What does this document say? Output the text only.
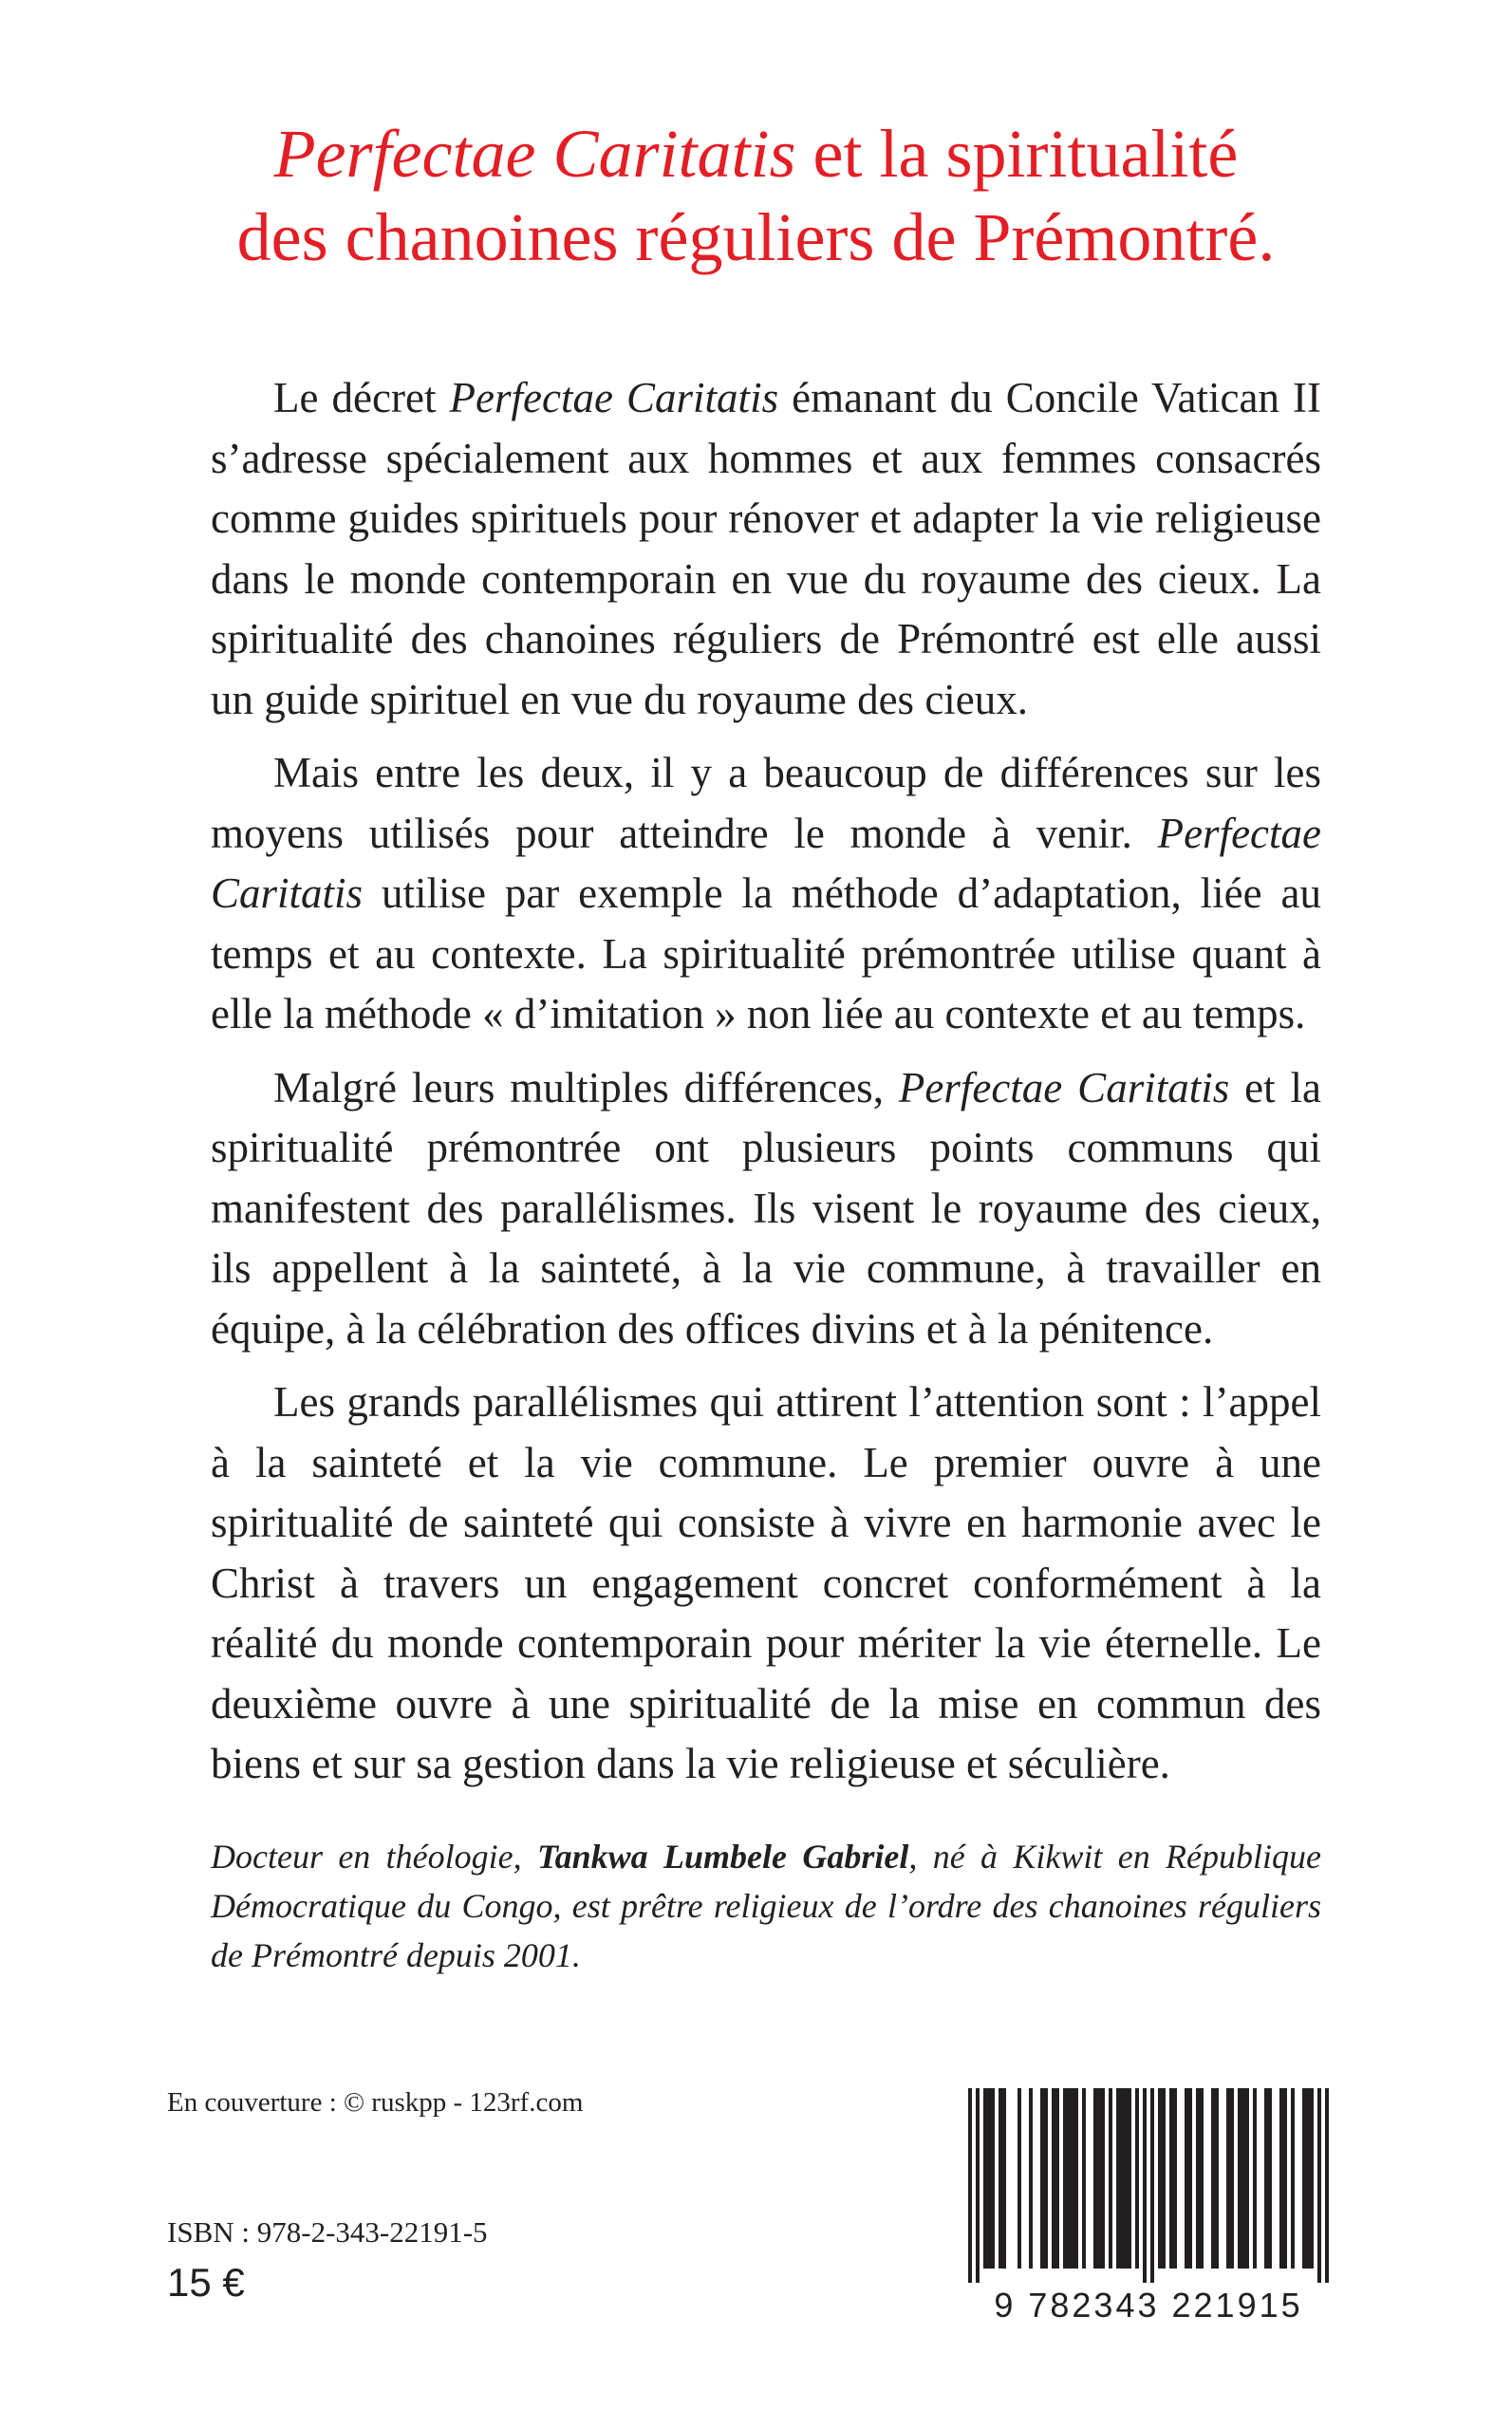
Perfectae Caritatis et la spiritualité
des chanoines réguliers de Prémontré.

Le décret Perfectae Caritatis émanant du Concile Vatican II s’adresse spécialement aux hommes et aux femmes consacrés comme guides spirituels pour rénover et adapter la vie religieuse dans le monde contemporain en vue du royaume des cieux. La spiritualité des chanoines réguliers de Prémontré est elle aussi un guide spirituel en vue du royaume des cieux.

Mais entre les deux, il y a beaucoup de différences sur les moyens utilisés pour atteindre le monde à venir. Perfectae Caritatis utilise par exemple la méthode d’adaptation, liée au temps et au contexte. La spiritualité prémontrée utilise quant à elle la méthode « d’imitation » non liée au contexte et au temps.

Malgré leurs multiples différences, Perfectae Caritatis et la spiritualité prémontrée ont plusieurs points communs qui manifestent des parallélismes. Ils visent le royaume des cieux, ils appellent à la sainteté, à la vie commune, à travailler en équipe, à la célébration des offices divins et à la pénitence.

Les grands parallélismes qui attirent l’attention sont : l’appel à la sainteté et la vie commune. Le premier ouvre à une spiritualité de sainteté qui consiste à vivre en harmonie avec le Christ à travers un engagement concret conformément à la réalité du monde contemporain pour mériter la vie éternelle. Le deuxième ouvre à une spiritualité de la mise en commun des biens et sur sa gestion dans la vie religieuse et séculière.

Docteur en théologie, Tankwa Lumbele Gabriel, né à Kikwit en République Démocratique du Congo, est prêtre religieux de l’ordre des chanoines réguliers de Prémontré depuis 2001.
En couverture : © ruskpp - 123rf.com
ISBN : 978-2-343-22191-5
15 €
9 782343 221915
